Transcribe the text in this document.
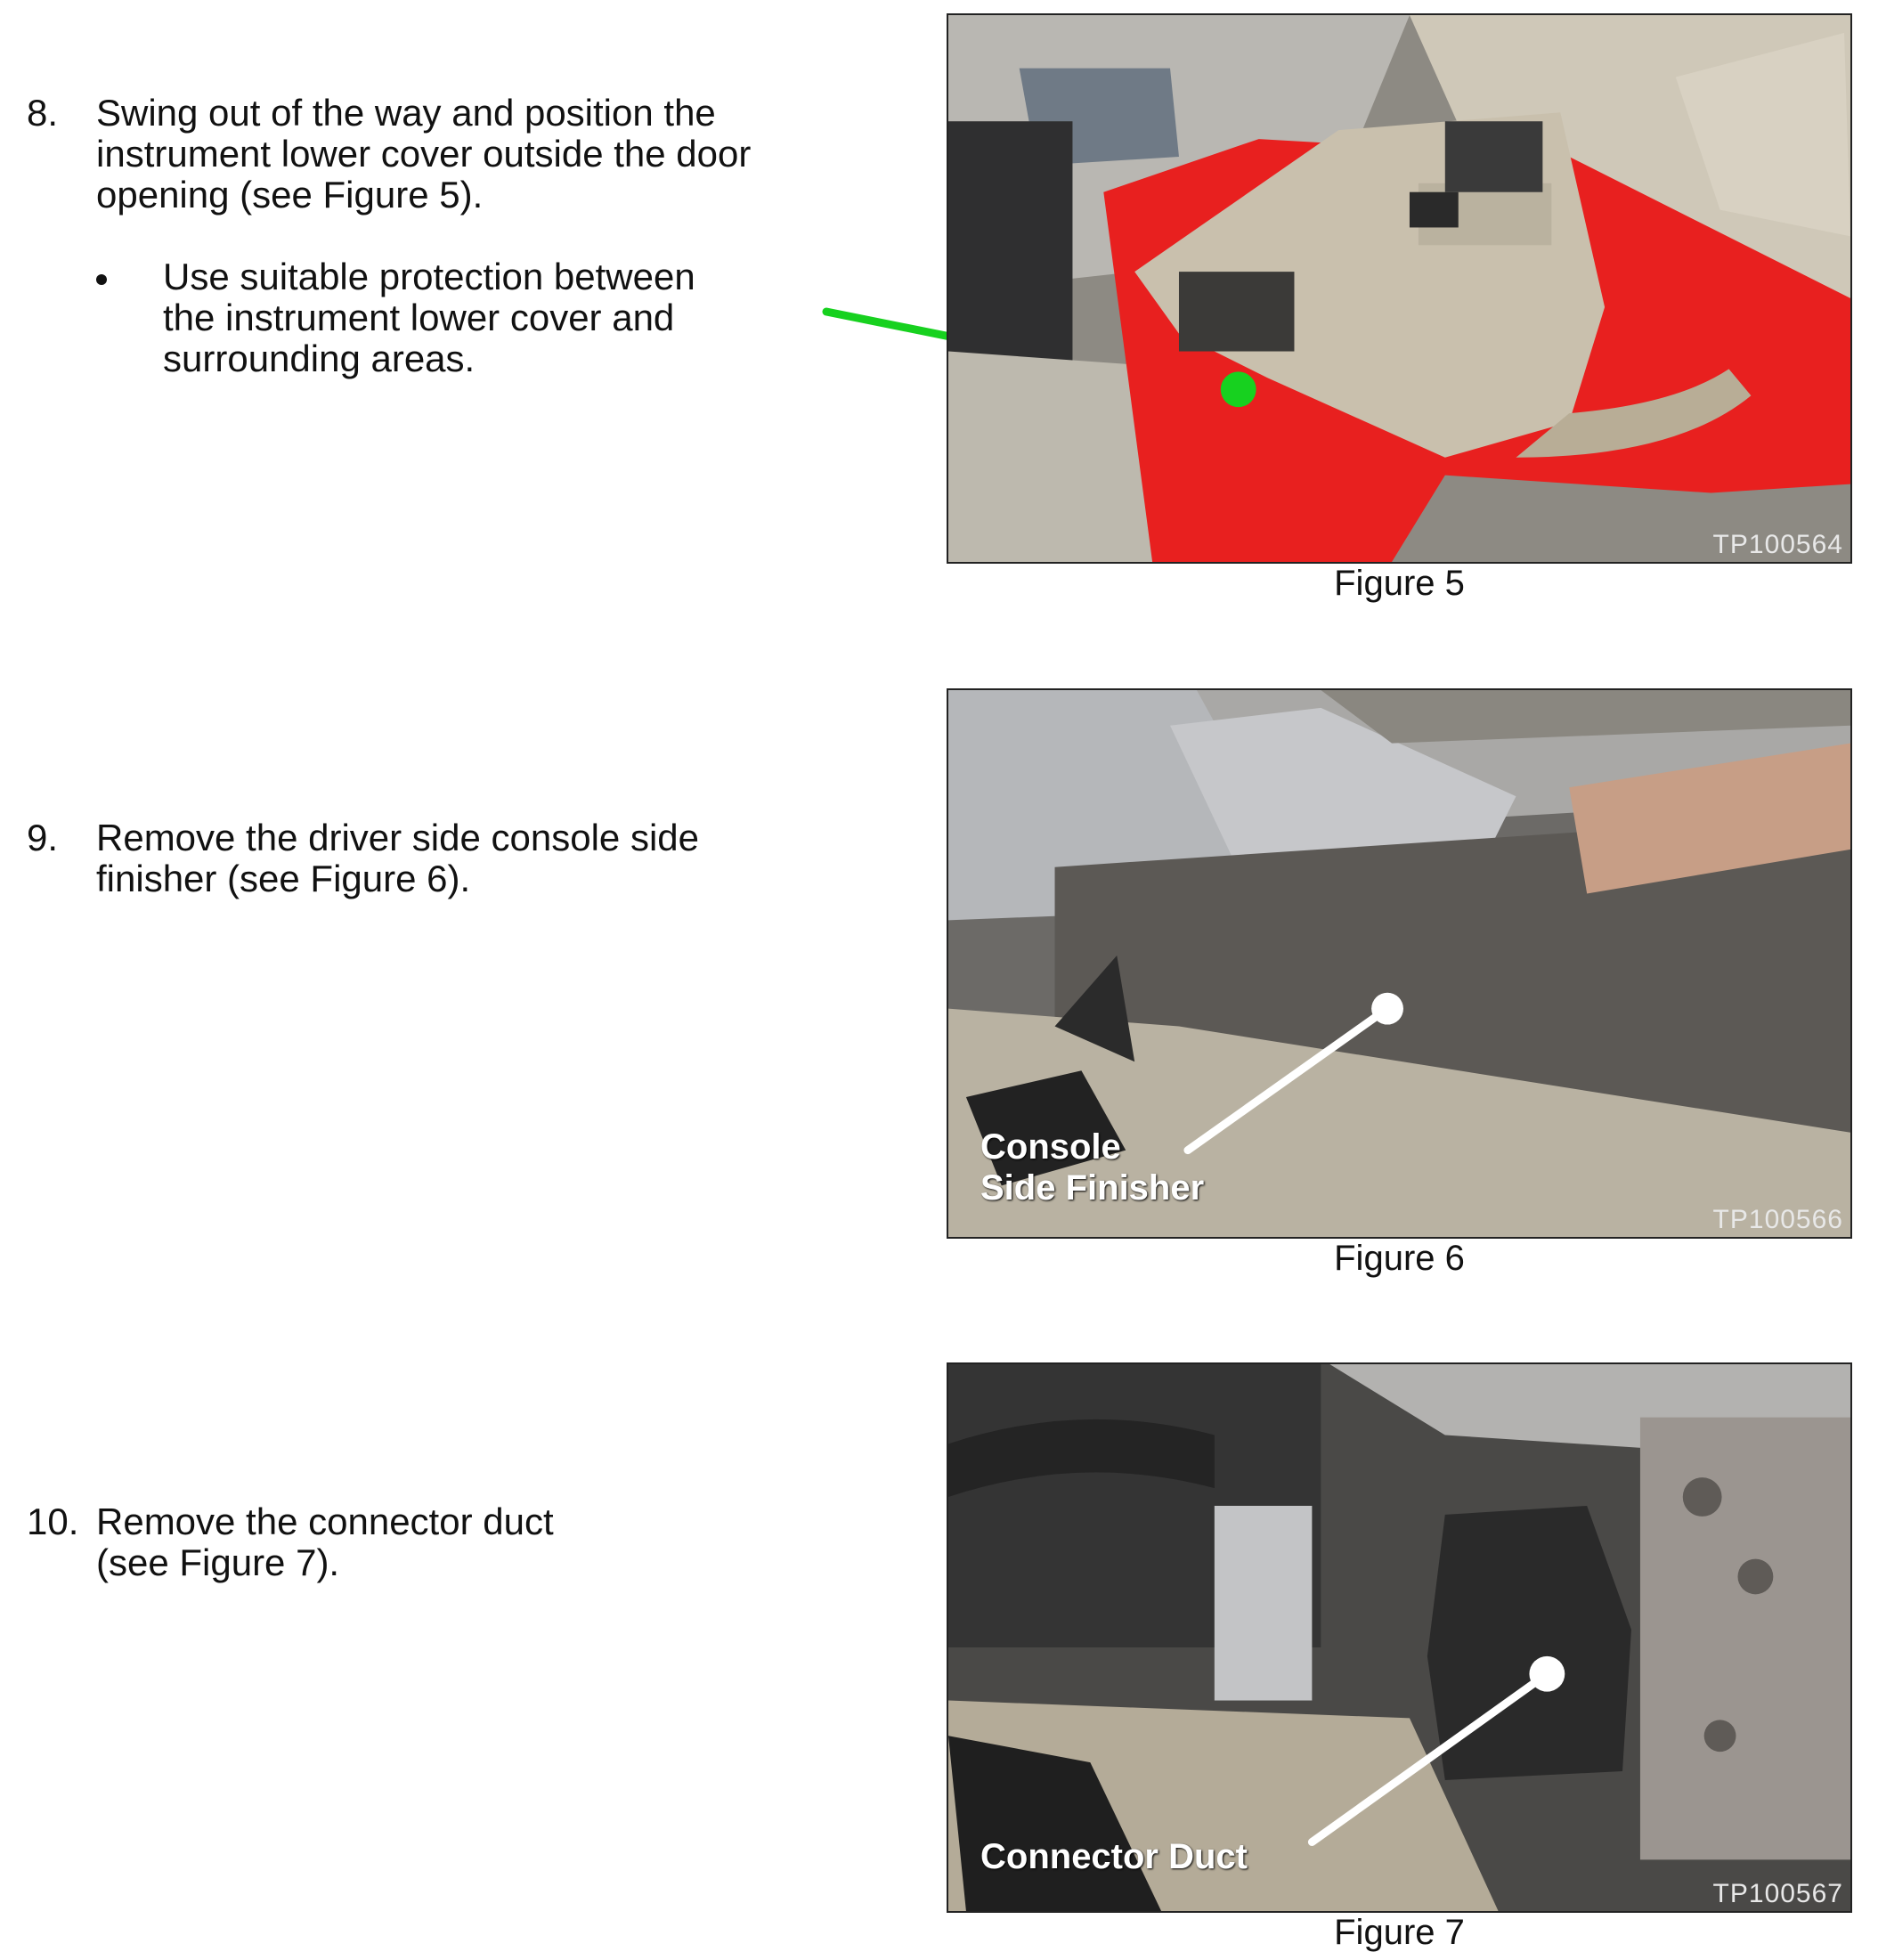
8. Swing out of the way and position the
instrument lower cover outside the door
opening (see Figure 5).
Use suitable protection between
the instrument lower cover and
surrounding areas.
9. Remove the driver side console side
finisher (see Figure 6).
10. Remove the connector duct
(see Figure 7).
TP100564
Figure 5
Console
Side Finisher
TP100566
Figure 6
Connector Duct
TP100567
Figure 7
